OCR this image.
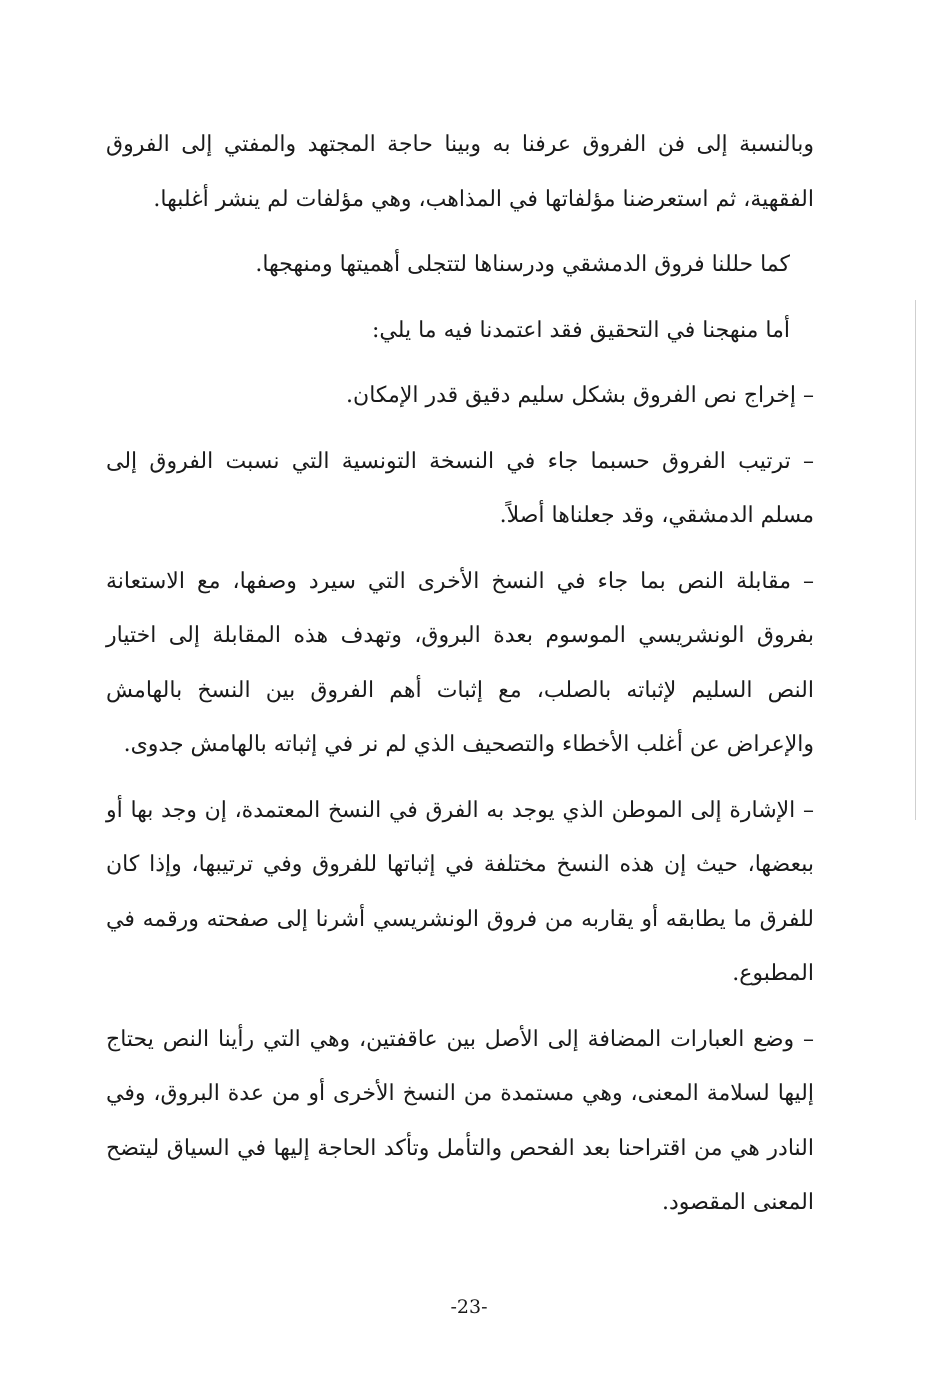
وبالنسبة إلى فن الفروق عرفنا به وبينا حاجة المجتهد والمفتي إلى الفروق الفقهية، ثم استعرضنا مؤلفاتها في المذاهب، وهي مؤلفات لم ينشر أغلبها.

كما حللنا فروق الدمشقي ودرسناها لتتجلى أهميتها ومنهجها.

أما منهجنا في التحقيق فقد اعتمدنا فيه ما يلي:

– إخراج نص الفروق بشكل سليم دقيق قدر الإمكان.

– ترتيب الفروق حسبما جاء في النسخة التونسية التي نسبت الفروق إلى مسلم الدمشقي، وقد جعلناها أصلاً.

– مقابلة النص بما جاء في النسخ الأخرى التي سيرد وصفها، مع الاستعانة بفروق الونشريسي الموسوم بعدة البروق، وتهدف هذه المقابلة إلى اختيار النص السليم لإثباته بالصلب، مع إثبات أهم الفروق بين النسخ بالهامش والإعراض عن أغلب الأخطاء والتصحيف الذي لم نر في إثباته بالهامش جدوى.

– الإشارة إلى الموطن الذي يوجد به الفرق في النسخ المعتمدة، إن وجد بها أو ببعضها، حيث إن هذه النسخ مختلفة في إثباتها للفروق وفي ترتيبها، وإذا كان للفرق ما يطابقه أو يقاربه من فروق الونشريسي أشرنا إلى صفحته ورقمه في المطبوع.

– وضع العبارات المضافة إلى الأصل بين عاقفتين، وهي التي رأينا النص يحتاج إليها لسلامة المعنى، وهي مستمدة من النسخ الأخرى أو من عدة البروق، وفي النادر هي من اقتراحنا بعد الفحص والتأمل وتأكد الحاجة إليها في السياق ليتضح المعنى المقصود.

-23-
